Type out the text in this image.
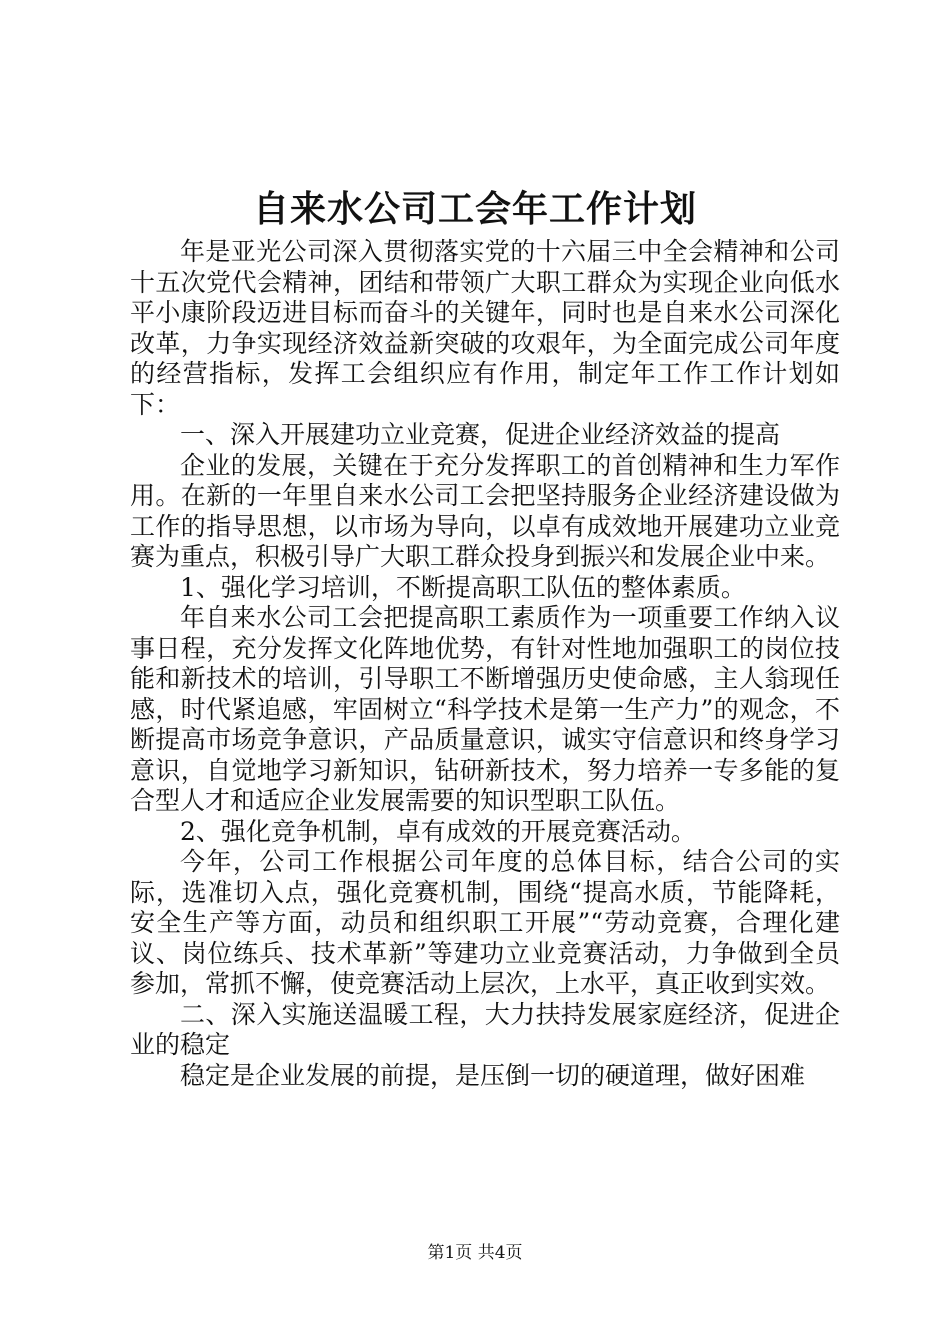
自来水公司工会年工作计划

年是亚光公司深入贯彻落实党的十六届三中全会精神和公司十五次党代会精神，团结和带领广大职工群众为实现企业向低水平小康阶段迈进目标而奋斗的关键年，同时也是自来水公司深化改革，力争实现经济效益新突破的攻艰年，为全面完成公司年度的经营指标，发挥工会组织应有作用，制定年工作工作计划如下：

一、深入开展建功立业竞赛，促进企业经济效益的提高

企业的发展，关键在于充分发挥职工的首创精神和生力军作用。在新的一年里自来水公司工会把坚持服务企业经济建设做为工作的指导思想，以市场为导向，以卓有成效地开展建功立业竞赛为重点，积极引导广大职工群众投身到振兴和发展企业中来。

1、强化学习培训，不断提高职工队伍的整体素质。

年自来水公司工会把提高职工素质作为一项重要工作纳入议事日程，充分发挥文化阵地优势，有针对性地加强职工的岗位技能和新技术的培训，引导职工不断增强历史使命感，主人翁现任感，时代紧追感，牢固树立“科学技术是第一生产力”的观念，不断提高市场竞争意识，产品质量意识，诚实守信意识和终身学习意识，自觉地学习新知识，钻研新技术，努力培养一专多能的复合型人才和适应企业发展需要的知识型职工队伍。

2、强化竞争机制，卓有成效的开展竞赛活动。

今年，公司工作根据公司年度的总体目标，结合公司的实际，选准切入点，强化竞赛机制，围绕“提高水质，节能降耗，安全生产等方面，动员和组织职工开展”“劳动竞赛，合理化建议、岗位练兵、技术革新”等建功立业竞赛活动，力争做到全员参加，常抓不懈，使竞赛活动上层次，上水平，真正收到实效。

二、深入实施送温暖工程，大力扶持发展家庭经济，促进企业的稳定

稳定是企业发展的前提，是压倒一切的硬道理，做好困难

第1页 共4页
